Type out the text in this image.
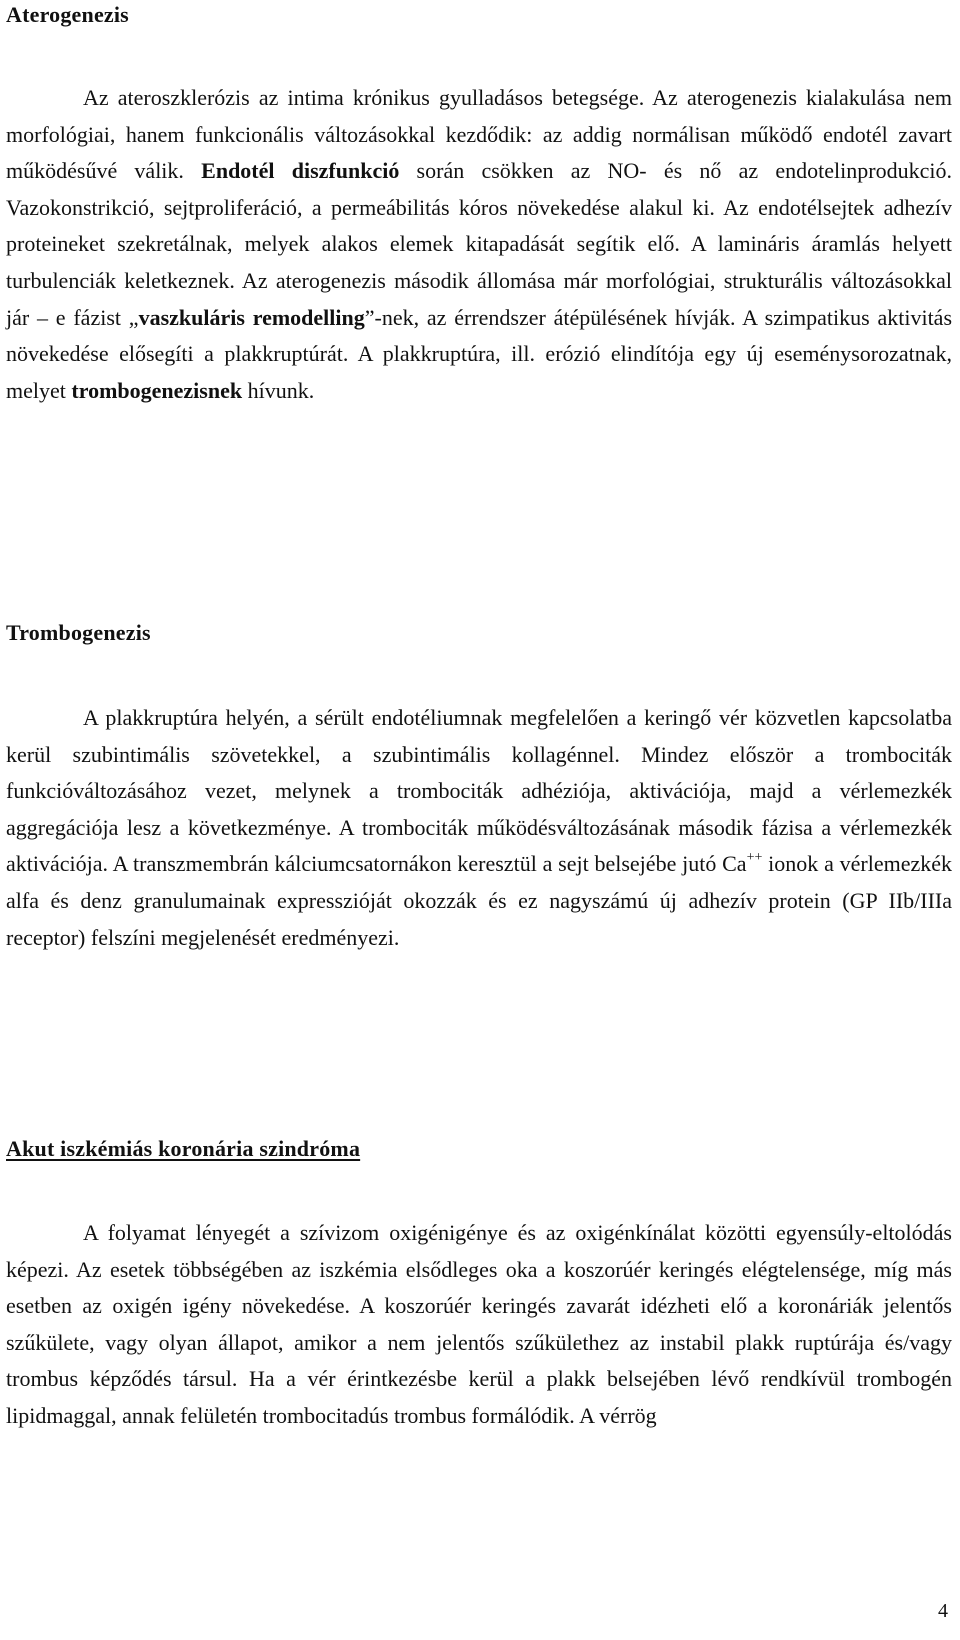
Aterogenezis

Az ateroszklerózis az intima krónikus gyulladásos betegsége. Az aterogenezis kialakulása nem morfológiai, hanem funkcionális változásokkal kezdődik: az addig normálisan működő endotél zavart működésűvé válik. Endotél diszfunkció során csökken az NO- és nő az endotelinprodukció. Vazokonstrikció, sejtproliferáció, a permeábilitás kóros növekedése alakul ki. Az endotélsejtek adhezív proteineket szekretálnak, melyek alakos elemek kitapadását segítik elő. A lamináris áramlás helyett turbulenciák keletkeznek. Az aterogenezis második állomása már morfológiai, strukturális változásokkal jár – e fázist „vaszkuláris remodelling”-nek, az érrendszer átépülésének hívják. A szimpatikus aktivitás növekedése elősegíti a plakkruptúrát. A plakkruptúra, ill. erózió elindítója egy új eseménysorozatnak, melyet trombogenezisnek hívunk.

Trombogenezis

A plakkruptúra helyén, a sérült endotéliumnak megfelelően a keringő vér közvetlen kapcsolatba kerül szubintimális szövetekkel, a szubintimális kollagénnel. Mindez először a trombociták funkcióváltozásához vezet, melynek a trombociták adhéziója, aktivációja, majd a vérlemezkék aggregációja lesz a következménye. A trombociták működésváltozásának második fázisa a vérlemezkék aktivációja. A transzmembrán kálciumcsatornákon keresztül a sejt belsejébe jutó Ca++ ionok a vérlemezkék alfa és denz granulumainak expresszióját okozzák és ez nagyszámú új adhezív protein (GP IIb/IIIa receptor) felszíni megjelenését eredményezi.

Akut iszkémiás koronária szindróma

A folyamat lényegét a szívizom oxigénigénye és az oxigénkínálat közötti egyensúly-eltolódás képezi. Az esetek többségében az iszkémia elsődleges oka a koszorúér keringés elégtelensége, míg más esetben az oxigén igény növekedése. A koszorúér keringés zavarát idézheti elő a koronáriák jelentős szűkülete, vagy olyan állapot, amikor a nem jelentős szűkülethez az instabil plakk ruptúrája és/vagy trombus képződés társul. Ha a vér érintkezésbe kerül a plakk belsejében lévő rendkívül trombogén lipidmaggal, annak felületén trombocitadús trombus formálódik. A vérrög

4
